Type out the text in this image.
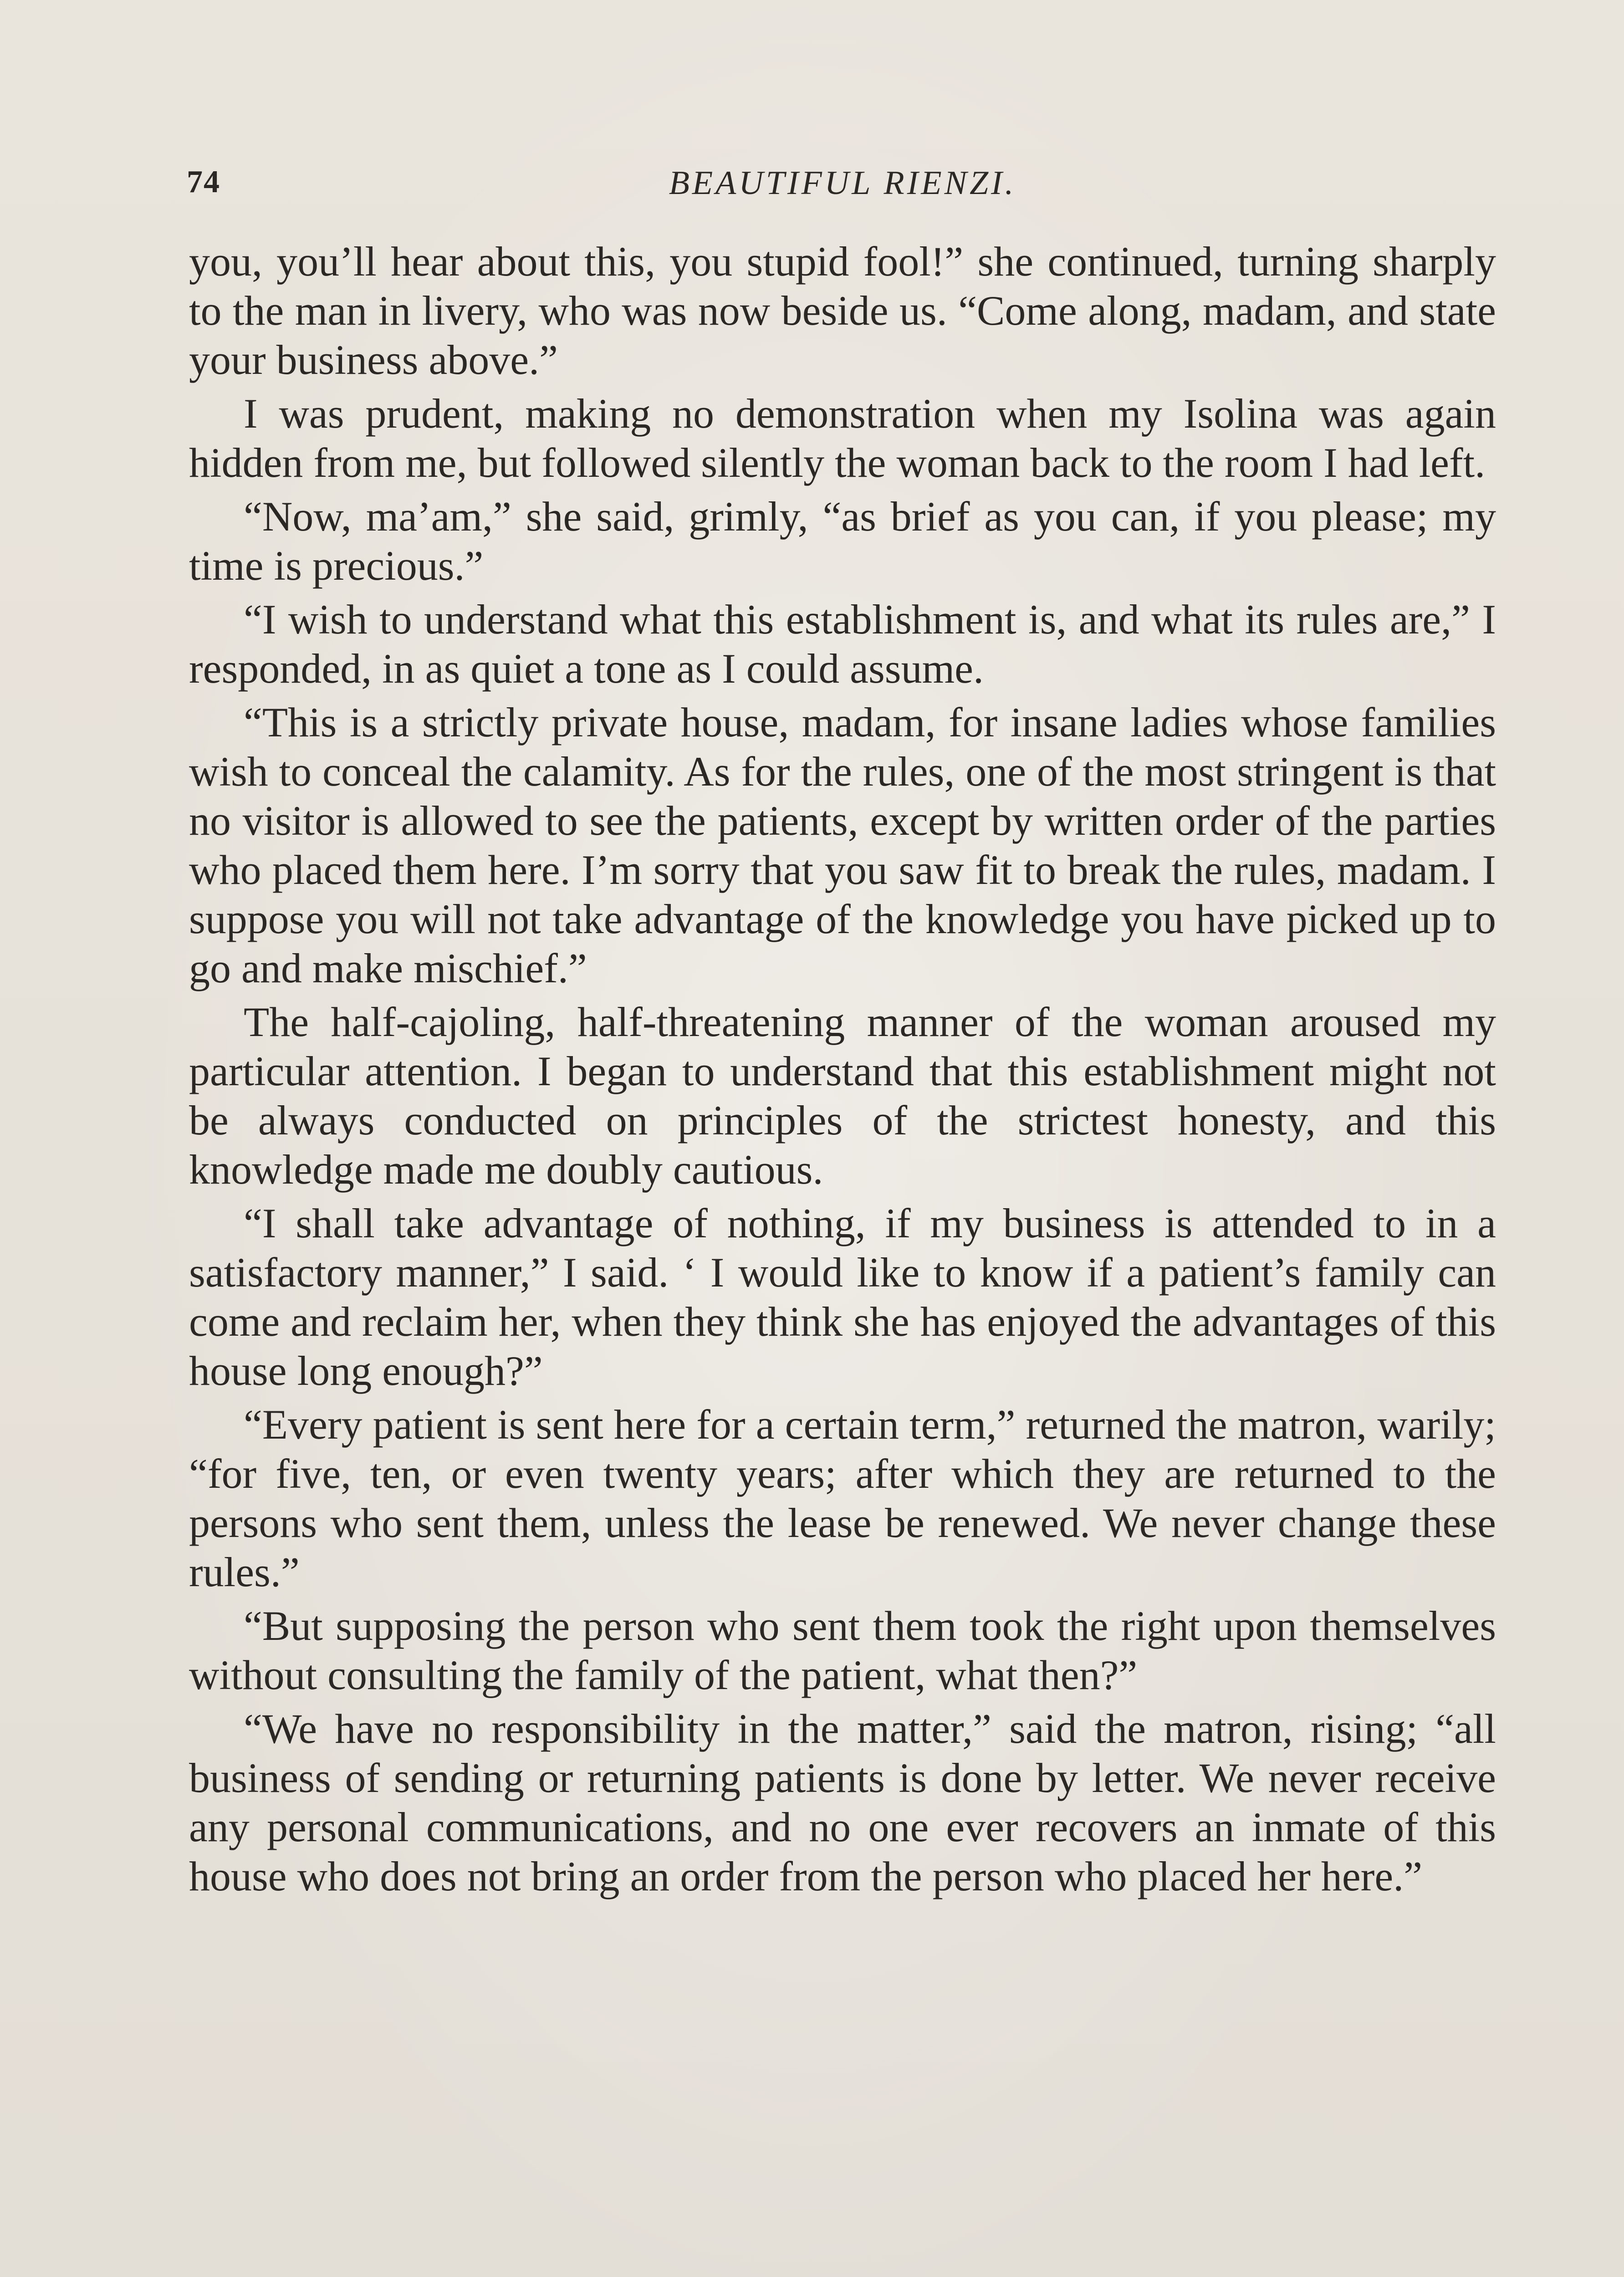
74	BEAUTIFUL RIENZI.

you, you’ll hear about this, you stupid fool!” she continued, turning sharply to the man in livery, who was now beside us. “Come along, madam, and state your business above.”

I was prudent, making no demonstration when my Isolina was again hidden from me, but followed silently the woman back to the room I had left.

“Now, ma’am,” she said, grimly, “as brief as you can, if you please; my time is precious.”

“I wish to understand what this establishment is, and what its rules are,” I responded, in as quiet a tone as I could assume.

“This is a strictly private house, madam, for insane ladies whose families wish to conceal the calamity. As for the rules, one of the most stringent is that no visitor is allowed to see the patients, except by written order of the parties who placed them here. I’m sorry that you saw fit to break the rules, madam. I suppose you will not take advantage of the knowledge you have picked up to go and make mischief.”

The half-cajoling, half-threatening manner of the woman aroused my particular attention. I began to understand that this establishment might not be always conducted on principles of the strictest honesty, and this knowledge made me doubly cautious.

“I shall take advantage of nothing, if my business is attended to in a satisfactory manner,” I said. ‘ I would like to know if a patient’s family can come and reclaim her, when they think she has enjoyed the advantages of this house long enough?”

“Every patient is sent here for a certain term,” returned the matron, warily; “for five, ten, or even twenty years; after which they are returned to the persons who sent them, unless the lease be renewed. We never change these rules.”

“But supposing the person who sent them took the right upon themselves without consulting the family of the patient, what then?”

“We have no responsibility in the matter,” said the matron, rising; “all business of sending or returning patients is done by letter. We never receive any personal communications, and no one ever recovers an inmate of this house who does not bring an order from the person who placed her here.”
